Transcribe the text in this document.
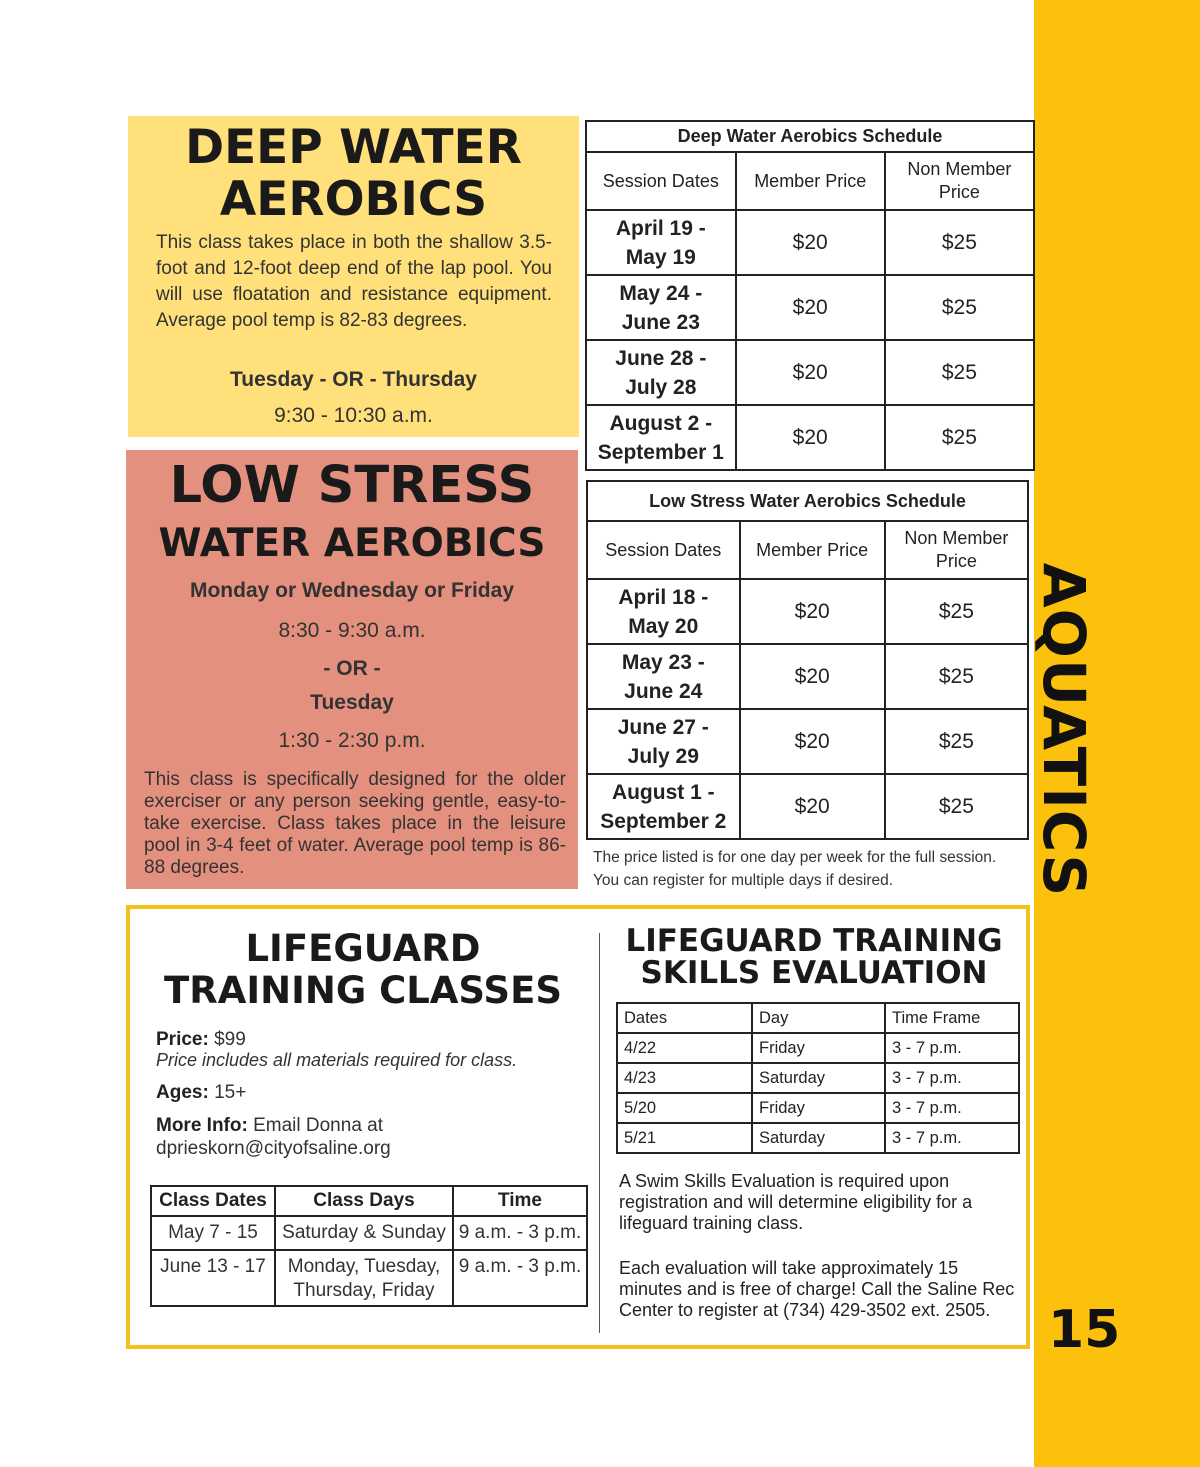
AQUATICS
15
DEEP WATER
AEROBICS
This class takes place in both the shallow 3.5-foot and 12-foot deep end of the lap pool. You will use floatation and resistance equipment. Average pool temp is 82-83 degrees.
Tuesday - OR - Thursday
9:30 - 10:30 a.m.
Deep Water Aerobics Schedule		
Session Dates	Member Price	Non Member Price

April 19 -
May 19	$20	$25

May 24 -
June 23	$20	$25

June 28 -
July 28	$20	$25

August 2 -
September 1	$20	$25
LOW STRESS
WATER AEROBICS
Monday or Wednesday or Friday
8:30 - 9:30 a.m.
- OR -
Tuesday
1:30 - 2:30 p.m.
This class is specifically designed for the older exerciser or any person seeking gentle, easy-to-take exercise. Class takes place in the leisure pool in 3-4 feet of water. Average pool temp is 86-88 degrees.
Low Stress Water Aerobics Schedule		
Session Dates	Member Price	Non Member Price

April 18 -
May 20	$20	$25

May 23 -
June 24	$20	$25

June 27 -
July 29	$20	$25

August 1 -
September 2	$20	$25
The price listed is for one day per week for the full session. You can register for multiple days if desired.
LIFEGUARD
TRAINING CLASSES
Price: $99
Price includes all materials required for class.
Ages: 15+
More Info: Email Donna at
dprieskorn@cityofsaline.org
Class Dates	Class Days	Time
May 7 - 15	Saturday & Sunday	9 a.m. - 3 p.m.
June 13 - 17	Monday, Tuesday, Thursday, Friday	9 a.m. - 3 p.m.
LIFEGUARD TRAINING
SKILLS EVALUATION
Dates	Day	Time Frame
4/22	Friday	3 - 7 p.m.
4/23	Saturday	3 - 7 p.m.
5/20	Friday	3 - 7 p.m.
5/21	Saturday	3 - 7 p.m.
A Swim Skills Evaluation is required upon registration and will determine eligibility for a lifeguard training class.
Each evaluation will take approximately 15 minutes and is free of charge! Call the Saline Rec Center to register at (734) 429-3502 ext. 2505.
